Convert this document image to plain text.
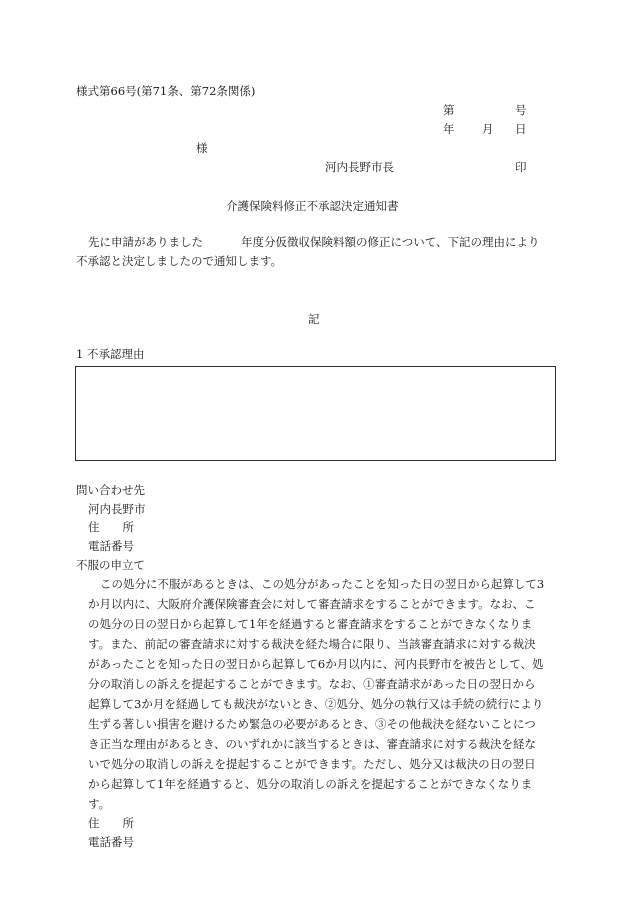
様式第66号(第71条、第72条関係)
第	号
年 月 日
様
河内長野市長	印
介護保険料修正不承認決定通知書
先に申請がありました	年度分仮徴収保険料額の修正について、下記の理由により
不承認と決定しましたので通知します。
記
1 不承認理由
問い合わせ先
河内長野市
住　　所
電話番号
不服の申立て
この処分に不服があるときは、この処分があったことを知った日の翌日から起算して3
か月以内に、大阪府介護保険審査会に対して審査請求をすることができます。なお、こ
の処分の日の翌日から起算して1年を経過すると審査請求をすることができなくなりま
す。また、前記の審査請求に対する裁決を経た場合に限り、当該審査請求に対する裁決
があったことを知った日の翌日から起算して6か月以内に、河内長野市を被告として、処
分の取消しの訴えを提起することができます。なお、①審査請求があった日の翌日から
起算して3か月を経過しても裁決がないとき、②処分、処分の執行又は手続の続行により
生ずる著しい損害を避けるため緊急の必要があるとき、③その他裁決を経ないことにつ
き正当な理由があるとき、のいずれかに該当するときは、審査請求に対する裁決を経な
いで処分の取消しの訴えを提起することができます。ただし、処分又は裁決の日の翌日
から起算して1年を経過すると、処分の取消しの訴えを提起することができなくなりま
す。
住　　所
電話番号
